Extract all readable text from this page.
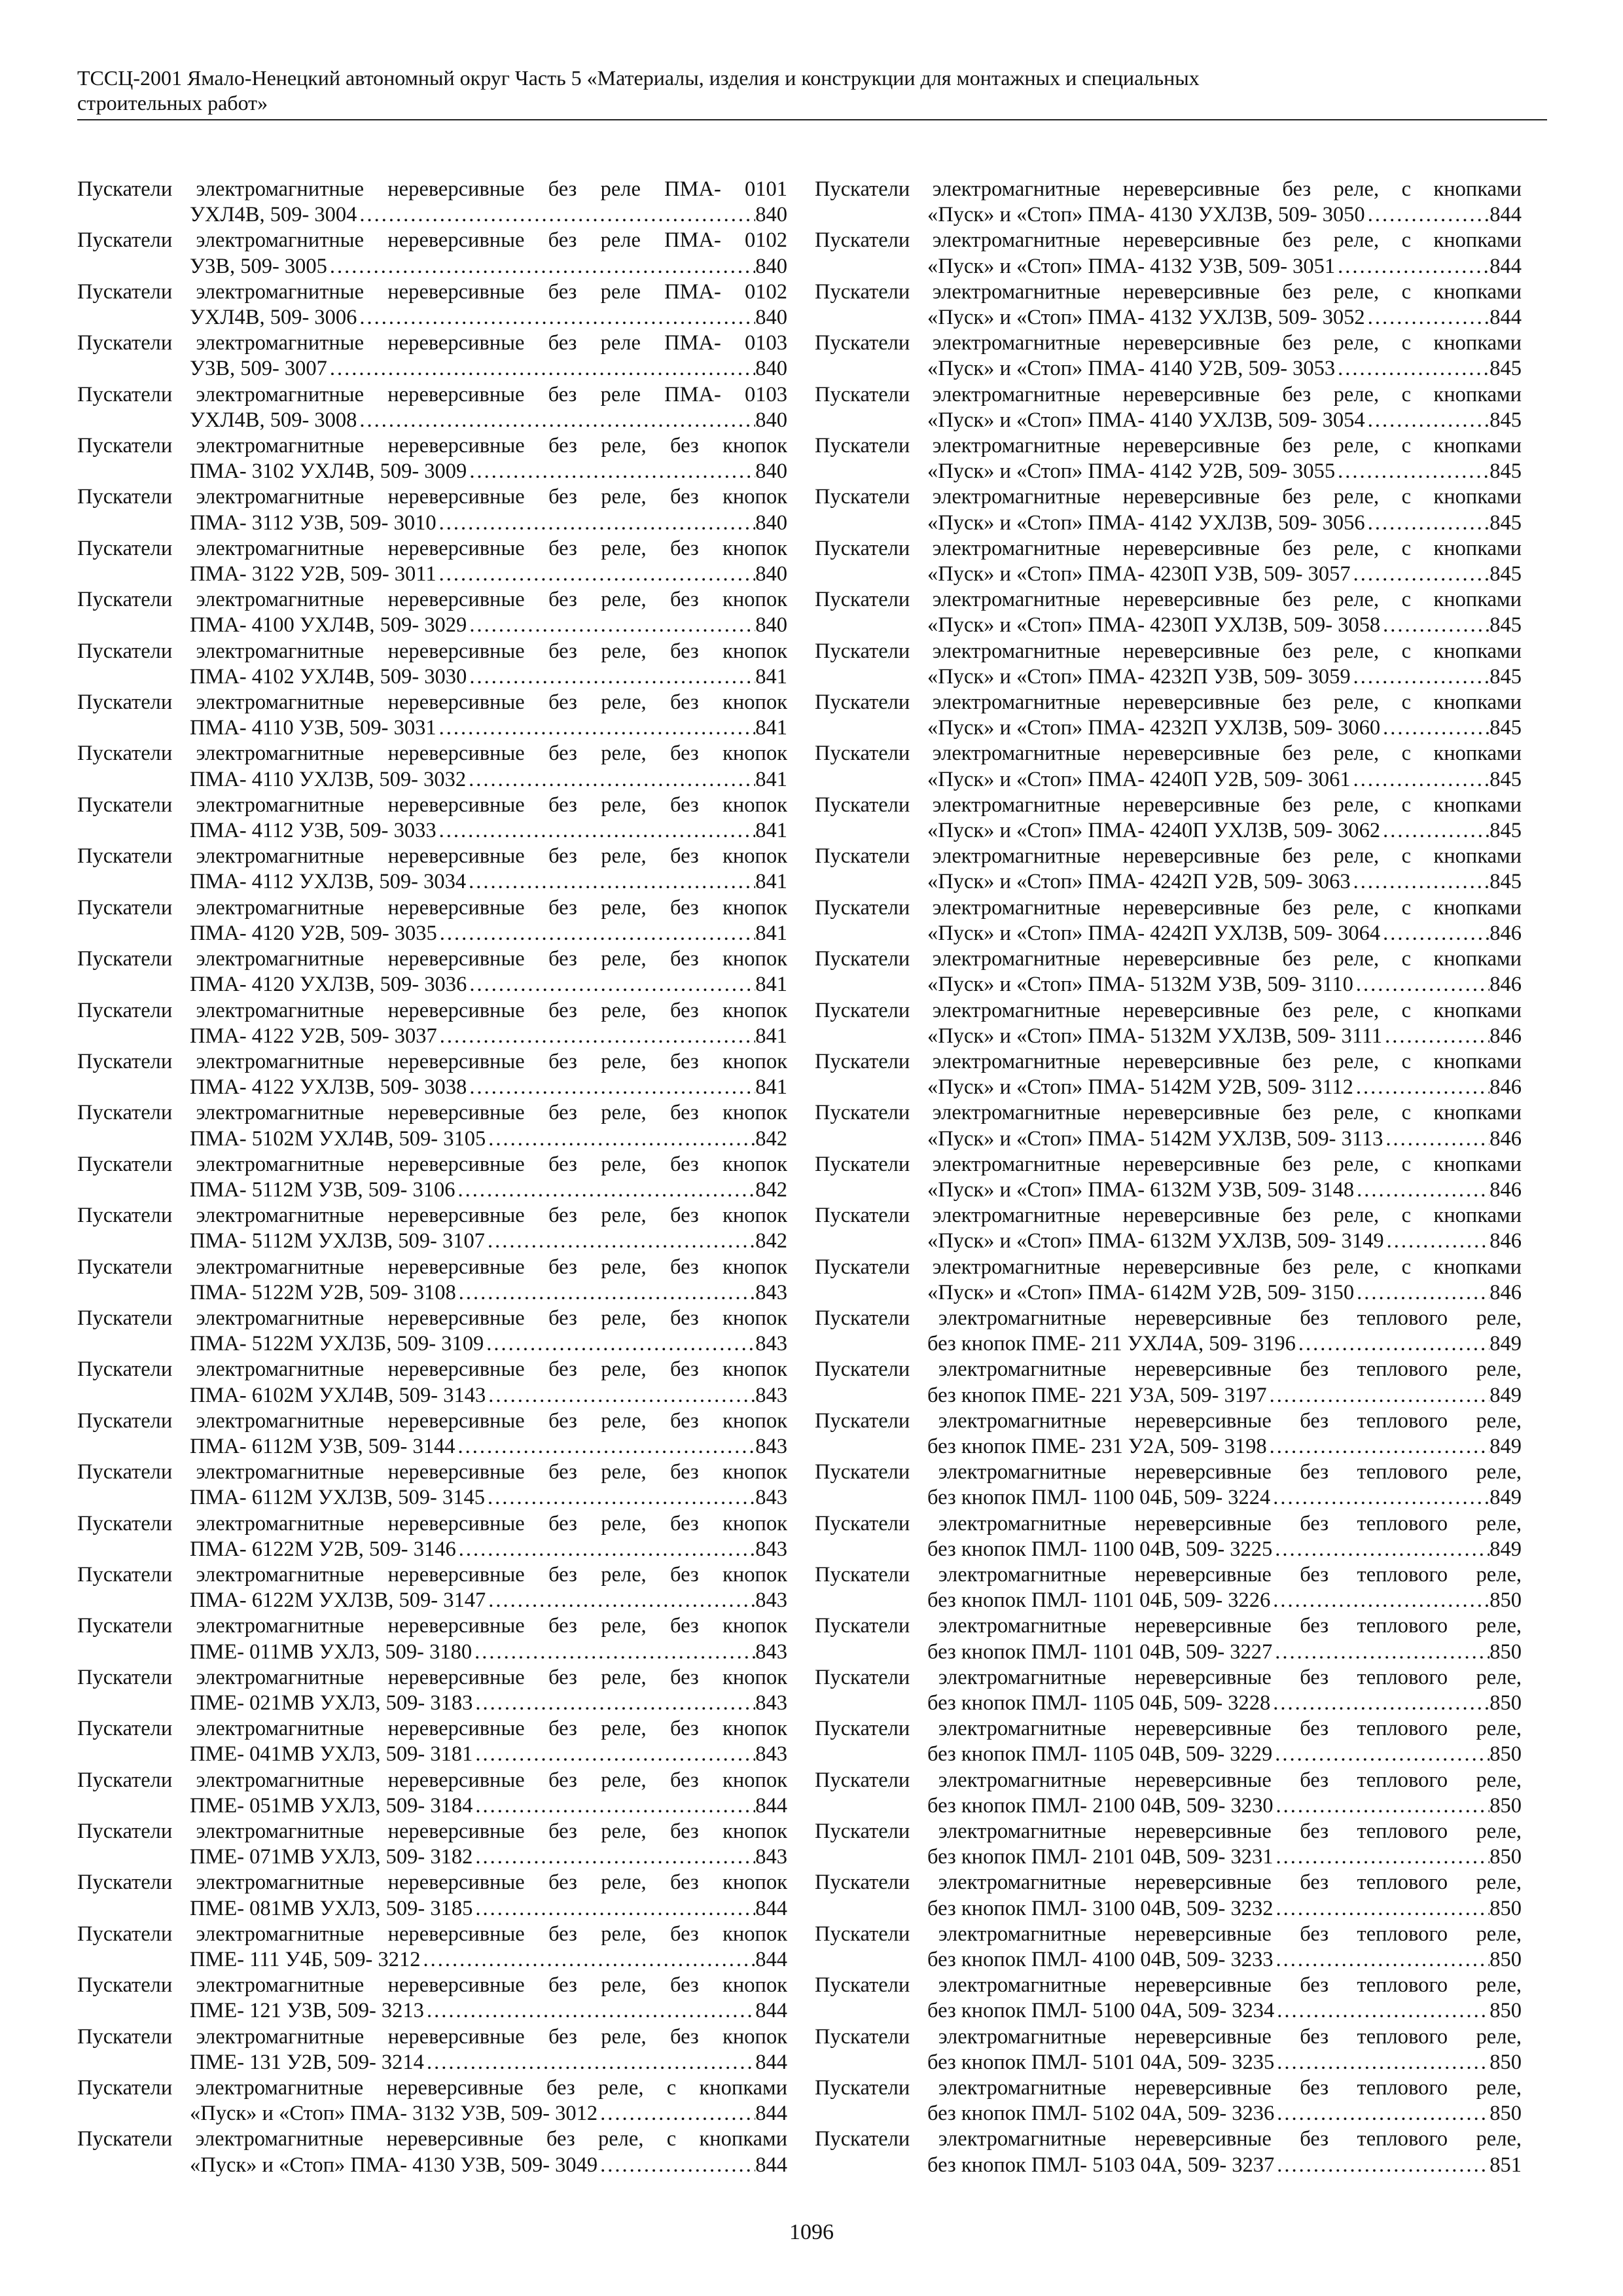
ТССЦ-2001 Ямало-Ненецкий автономный округ Часть 5 «Материалы, изделия и конструкции для монтажных и специальных
строительных работ»
Пускатели электромагнитные нереверсивные без реле ПМА- 0101
УХЛ4В, 509- 3004 .....	840
Пускатели электромагнитные нереверсивные без реле ПМА- 0102
У3В, 509- 3005 .....	840
Пускатели электромагнитные нереверсивные без реле ПМА- 0102
УХЛ4В, 509- 3006 .....	840
Пускатели электромагнитные нереверсивные без реле ПМА- 0103
У3В, 509- 3007 .....	840
Пускатели электромагнитные нереверсивные без реле ПМА- 0103
УХЛ4В, 509- 3008 .....	840
Пускатели электромагнитные нереверсивные без реле, без кнопок
ПМА- 3102 УХЛ4В, 509- 3009 .....	840
Пускатели электромагнитные нереверсивные без реле, без кнопок
ПМА- 3112 У3В, 509- 3010 .....	840
Пускатели электромагнитные нереверсивные без реле, без кнопок
ПМА- 3122 У2В, 509- 3011 .....	840
Пускатели электромагнитные нереверсивные без реле, без кнопок
ПМА- 4100 УХЛ4В, 509- 3029 .....	840
Пускатели электромагнитные нереверсивные без реле, без кнопок
ПМА- 4102 УХЛ4В, 509- 3030 .....	841
Пускатели электромагнитные нереверсивные без реле, без кнопок
ПМА- 4110 У3В, 509- 3031 .....	841
Пускатели электромагнитные нереверсивные без реле, без кнопок
ПМА- 4110 УХЛ3В, 509- 3032 .....	841
Пускатели электромагнитные нереверсивные без реле, без кнопок
ПМА- 4112 У3В, 509- 3033 .....	841
Пускатели электромагнитные нереверсивные без реле, без кнопок
ПМА- 4112 УХЛ3В, 509- 3034 .....	841
Пускатели электромагнитные нереверсивные без реле, без кнопок
ПМА- 4120 У2В, 509- 3035 .....	841
Пускатели электромагнитные нереверсивные без реле, без кнопок
ПМА- 4120 УХЛ3В, 509- 3036 .....	841
Пускатели электромагнитные нереверсивные без реле, без кнопок
ПМА- 4122 У2В, 509- 3037 .....	841
Пускатели электромагнитные нереверсивные без реле, без кнопок
ПМА- 4122 УХЛ3В, 509- 3038 .....	841
Пускатели электромагнитные нереверсивные без реле, без кнопок
ПМА- 5102М УХЛ4В, 509- 3105 .....	842
Пускатели электромагнитные нереверсивные без реле, без кнопок
ПМА- 5112М У3В, 509- 3106 .....	842
Пускатели электромагнитные нереверсивные без реле, без кнопок
ПМА- 5112М УХЛ3В, 509- 3107 .....	842
Пускатели электромагнитные нереверсивные без реле, без кнопок
ПМА- 5122М У2В, 509- 3108 .....	843
Пускатели электромагнитные нереверсивные без реле, без кнопок
ПМА- 5122М УХЛ3Б, 509- 3109 .....	843
Пускатели электромагнитные нереверсивные без реле, без кнопок
ПМА- 6102М УХЛ4В, 509- 3143 .....	843
Пускатели электромагнитные нереверсивные без реле, без кнопок
ПМА- 6112М У3В, 509- 3144 .....	843
Пускатели электромагнитные нереверсивные без реле, без кнопок
ПМА- 6112М УХЛ3В, 509- 3145 .....	843
Пускатели электромагнитные нереверсивные без реле, без кнопок
ПМА- 6122М У2В, 509- 3146 .....	843
Пускатели электромагнитные нереверсивные без реле, без кнопок
ПМА- 6122М УХЛ3В, 509- 3147 .....	843
Пускатели электромагнитные нереверсивные без реле, без кнопок
ПМЕ- 011МВ УХЛ3, 509- 3180 .....	843
Пускатели электромагнитные нереверсивные без реле, без кнопок
ПМЕ- 021МВ УХЛ3, 509- 3183 .....	843
Пускатели электромагнитные нереверсивные без реле, без кнопок
ПМЕ- 041МВ УХЛ3, 509- 3181 .....	843
Пускатели электромагнитные нереверсивные без реле, без кнопок
ПМЕ- 051МВ УХЛ3, 509- 3184 .....	844
Пускатели электромагнитные нереверсивные без реле, без кнопок
ПМЕ- 071МВ УХЛ3, 509- 3182 .....	843
Пускатели электромагнитные нереверсивные без реле, без кнопок
ПМЕ- 081МВ УХЛ3, 509- 3185 .....	844
Пускатели электромагнитные нереверсивные без реле, без кнопок
ПМЕ- 111 У4Б, 509- 3212 .....	844
Пускатели электромагнитные нереверсивные без реле, без кнопок
ПМЕ- 121 У3В, 509- 3213 .....	844
Пускатели электромагнитные нереверсивные без реле, без кнопок
ПМЕ- 131 У2В, 509- 3214 .....	844
Пускатели электромагнитные нереверсивные без реле, с кнопками
«Пуск» и «Стоп» ПМА- 3132 У3В, 509- 3012 .....	844
Пускатели электромагнитные нереверсивные без реле, с кнопками
«Пуск» и «Стоп» ПМА- 4130 У3В, 509- 3049 .....	844
Пускатели электромагнитные нереверсивные без реле, с кнопками
«Пуск» и «Стоп» ПМА- 4130 УХЛ3В, 509- 3050 .....	844
Пускатели электромагнитные нереверсивные без реле, с кнопками
«Пуск» и «Стоп» ПМА- 4132 У3В, 509- 3051 .....	844
Пускатели электромагнитные нереверсивные без реле, с кнопками
«Пуск» и «Стоп» ПМА- 4132 УХЛ3В, 509- 3052 .....	844
Пускатели электромагнитные нереверсивные без реле, с кнопками
«Пуск» и «Стоп» ПМА- 4140 У2В, 509- 3053 .....	845
Пускатели электромагнитные нереверсивные без реле, с кнопками
«Пуск» и «Стоп» ПМА- 4140 УХЛ3В, 509- 3054 .....	845
Пускатели электромагнитные нереверсивные без реле, с кнопками
«Пуск» и «Стоп» ПМА- 4142 У2В, 509- 3055 .....	845
Пускатели электромагнитные нереверсивные без реле, с кнопками
«Пуск» и «Стоп» ПМА- 4142 УХЛ3В, 509- 3056 .....	845
Пускатели электромагнитные нереверсивные без реле, с кнопками
«Пуск» и «Стоп» ПМА- 4230П У3В, 509- 3057 .....	845
Пускатели электромагнитные нереверсивные без реле, с кнопками
«Пуск» и «Стоп» ПМА- 4230П УХЛ3В, 509- 3058 .....	845
Пускатели электромагнитные нереверсивные без реле, с кнопками
«Пуск» и «Стоп» ПМА- 4232П У3В, 509- 3059 .....	845
Пускатели электромагнитные нереверсивные без реле, с кнопками
«Пуск» и «Стоп» ПМА- 4232П УХЛ3В, 509- 3060 .....	845
Пускатели электромагнитные нереверсивные без реле, с кнопками
«Пуск» и «Стоп» ПМА- 4240П У2В, 509- 3061 .....	845
Пускатели электромагнитные нереверсивные без реле, с кнопками
«Пуск» и «Стоп» ПМА- 4240П УХЛ3В, 509- 3062 .....	845
Пускатели электромагнитные нереверсивные без реле, с кнопками
«Пуск» и «Стоп» ПМА- 4242П У2В, 509- 3063 .....	845
Пускатели электромагнитные нереверсивные без реле, с кнопками
«Пуск» и «Стоп» ПМА- 4242П УХЛ3В, 509- 3064 .....	846
Пускатели электромагнитные нереверсивные без реле, с кнопками
«Пуск» и «Стоп» ПМА- 5132М У3В, 509- 3110 .....	846
Пускатели электромагнитные нереверсивные без реле, с кнопками
«Пуск» и «Стоп» ПМА- 5132М УХЛ3В, 509- 3111 .....	846
Пускатели электромагнитные нереверсивные без реле, с кнопками
«Пуск» и «Стоп» ПМА- 5142М У2В, 509- 3112 .....	846
Пускатели электромагнитные нереверсивные без реле, с кнопками
«Пуск» и «Стоп» ПМА- 5142М УХЛ3В, 509- 3113 .....	846
Пускатели электромагнитные нереверсивные без реле, с кнопками
«Пуск» и «Стоп» ПМА- 6132М У3В, 509- 3148 .....	846
Пускатели электромагнитные нереверсивные без реле, с кнопками
«Пуск» и «Стоп» ПМА- 6132М УХЛ3В, 509- 3149 .....	846
Пускатели электромагнитные нереверсивные без реле, с кнопками
«Пуск» и «Стоп» ПМА- 6142М У2В, 509- 3150 .....	846
Пускатели электромагнитные нереверсивные без теплового реле,
без кнопок ПМЕ- 211 УХЛ4А, 509- 3196 .....	849
Пускатели электромагнитные нереверсивные без теплового реле,
без кнопок ПМЕ- 221 У3А, 509- 3197 .....	849
Пускатели электромагнитные нереверсивные без теплового реле,
без кнопок ПМЕ- 231 У2А, 509- 3198 .....	849
Пускатели электромагнитные нереверсивные без теплового реле,
без кнопок ПМЛ- 1100 04Б, 509- 3224 .....	849
Пускатели электромагнитные нереверсивные без теплового реле,
без кнопок ПМЛ- 1100 04В, 509- 3225 .....	849
Пускатели электромагнитные нереверсивные без теплового реле,
без кнопок ПМЛ- 1101 04Б, 509- 3226 .....	850
Пускатели электромагнитные нереверсивные без теплового реле,
без кнопок ПМЛ- 1101 04В, 509- 3227 .....	850
Пускатели электромагнитные нереверсивные без теплового реле,
без кнопок ПМЛ- 1105 04Б, 509- 3228 .....	850
Пускатели электромагнитные нереверсивные без теплового реле,
без кнопок ПМЛ- 1105 04В, 509- 3229 .....	850
Пускатели электромагнитные нереверсивные без теплового реле,
без кнопок ПМЛ- 2100 04В, 509- 3230 .....	850
Пускатели электромагнитные нереверсивные без теплового реле,
без кнопок ПМЛ- 2101 04В, 509- 3231 .....	850
Пускатели электромагнитные нереверсивные без теплового реле,
без кнопок ПМЛ- 3100 04В, 509- 3232 .....	850
Пускатели электромагнитные нереверсивные без теплового реле,
без кнопок ПМЛ- 4100 04В, 509- 3233 .....	850
Пускатели электромагнитные нереверсивные без теплового реле,
без кнопок ПМЛ- 5100 04А, 509- 3234 .....	850
Пускатели электромагнитные нереверсивные без теплового реле,
без кнопок ПМЛ- 5101 04А, 509- 3235 .....	850
Пускатели электромагнитные нереверсивные без теплового реле,
без кнопок ПМЛ- 5102 04А, 509- 3236 .....	850
Пускатели электромагнитные нереверсивные без теплового реле,
без кнопок ПМЛ- 5103 04А, 509- 3237 .....	851
1096
